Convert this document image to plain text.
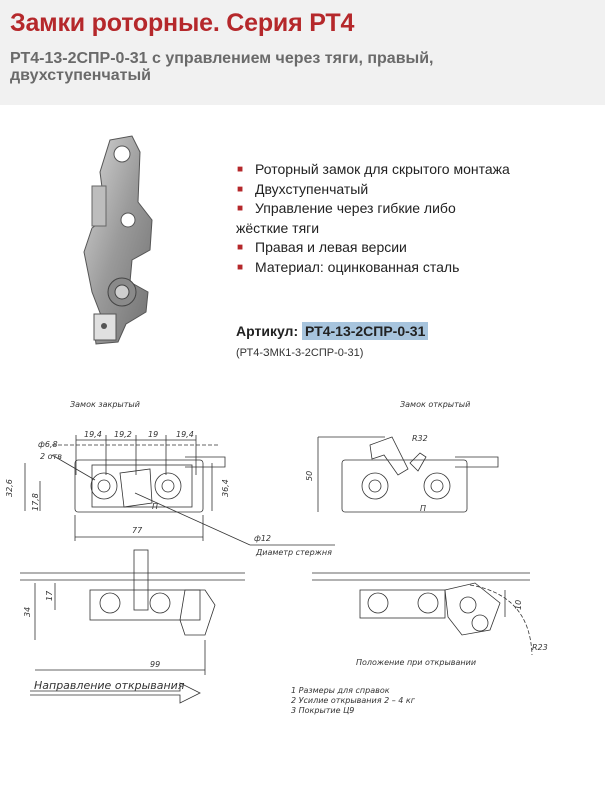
Замки роторные. Серия РТ4
РТ4-13-2СПР-0-31 с управлением через тяги, правый, двухступенчатый
■ Роторный замок для скрытого монтажа
■ Двухступенчатый
■ Управление через гибкие либо
жёсткие тяги
■ Правая и левая версии
■ Материал: оцинкованная сталь
Артикул: РТ4-13-2СПР-0-31
(РТ4-ЗМК1-3-2СПР-0-31)
Замок закрытый	Замок открытый
19,4 19,2 19 19,4
ф6,8
2 отв
32,6
17,8
36,4
77
ф12
Диаметр стержня
П	П
R32
50
34
17
99
10
R23
Положение при открывании
Направление открывания	1 Размеры для справок
2 Усилие открывания 2 – 4 кг
3 Покрытие Ц9
